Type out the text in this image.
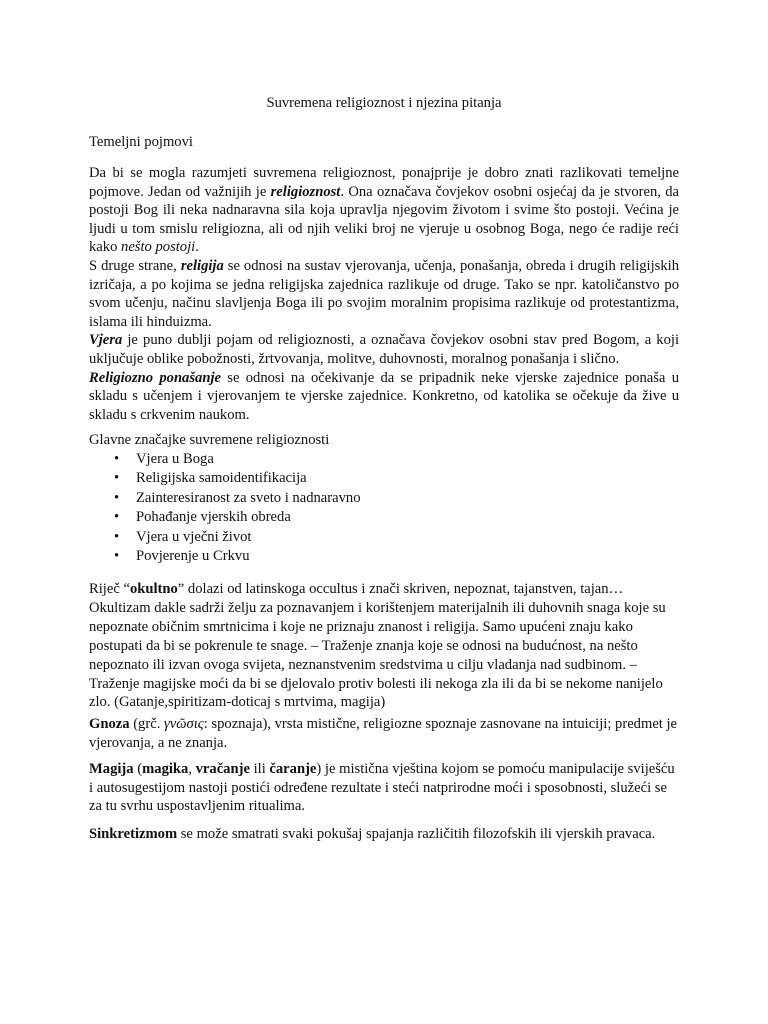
Suvremena religioznost i njezina pitanja
Temeljni pojmovi

Da bi se mogla razumjeti suvremena religioznost, ponajprije je dobro znati razlikovati temeljne pojmove. Jedan od važnijih je religioznost. Ona označava čovjekov osobni osjećaj da je stvoren, da postoji Bog ili neka nadnaravna sila koja upravlja njegovim životom i svime što postoji. Većina je ljudi u tom smislu religiozna, ali od njih veliki broj ne vjeruje u osobnog Boga, nego će radije reći kako nešto postoji.

S druge strane, religija se odnosi na sustav vjerovanja, učenja, ponašanja, obreda i drugih religijskih izričaja, a po kojima se jedna religijska zajednica razlikuje od druge. Tako se npr. katoličanstvo po svom učenju, načinu slavljenja Boga ili po svojim moralnim propisima razlikuje od protestantizma, islama ili hinduizma.

Vjera je puno dublji pojam od religioznosti, a označava čovjekov osobni stav pred Bogom, a koji uključuje oblike pobožnosti, žrtvovanja, molitve, duhovnosti, moralnog ponašanja i slično.

Religiozno ponašanje se odnosi na očekivanje da se pripadnik neke vjerske zajednice ponaša u skladu s učenjem i vjerovanjem te vjerske zajednice. Konkretno, od katolika se očekuje da žive u skladu s crkvenim naukom.

Glavne značajke suvremene religioznosti
• Vjera u Boga
• Religijska samoidentifikacija
• Zainteresiranost za sveto i nadnaravno
• Pohađanje vjerskih obreda
• Vjera u vječni život
• Povjerenje u Crkvu
Riječ “okultno” dolazi od latinskoga occultus i znači skriven, nepoznat, tajanstven, tajan… Okultizam dakle sadrži želju za poznavanjem i korištenjem materijalnih ili duhovnih snaga koje su nepoznate običnim smrtnicima i koje ne priznaju znanost i religija. Samo upućeni znaju kako postupati da bi se pokrenule te snage. – Traženje znanja koje se odnosi na budućnost, na nešto nepoznato ili izvan ovoga svijeta, neznanstvenim sredstvima u cilju vladanja nad sudbinom. – Traženje magijske moći da bi se djelovalo protiv bolesti ili nekoga zla ili da bi se nekome nanijelo zlo. (Gatanje,spiritizam-doticaj s mrtvima, magija)
Gnoza (grč. γνῶσις: spoznaja), vrsta mistične, religiozne spoznaje zasnovane na intuiciji; predmet je vjerovanja, a ne znanja.
Magija (magika, vračanje ili čaranje) je mistična vještina kojom se pomoću manipulacije sviješću i autosugestijom nastoji postići određene rezultate i steći natprirodne moći i sposobnosti, služeći se za tu svrhu uspostavljenim ritualima.
Sinkretizmom se može smatrati svaki pokušaj spajanja različitih filozofskih ili vjerskih pravaca.
